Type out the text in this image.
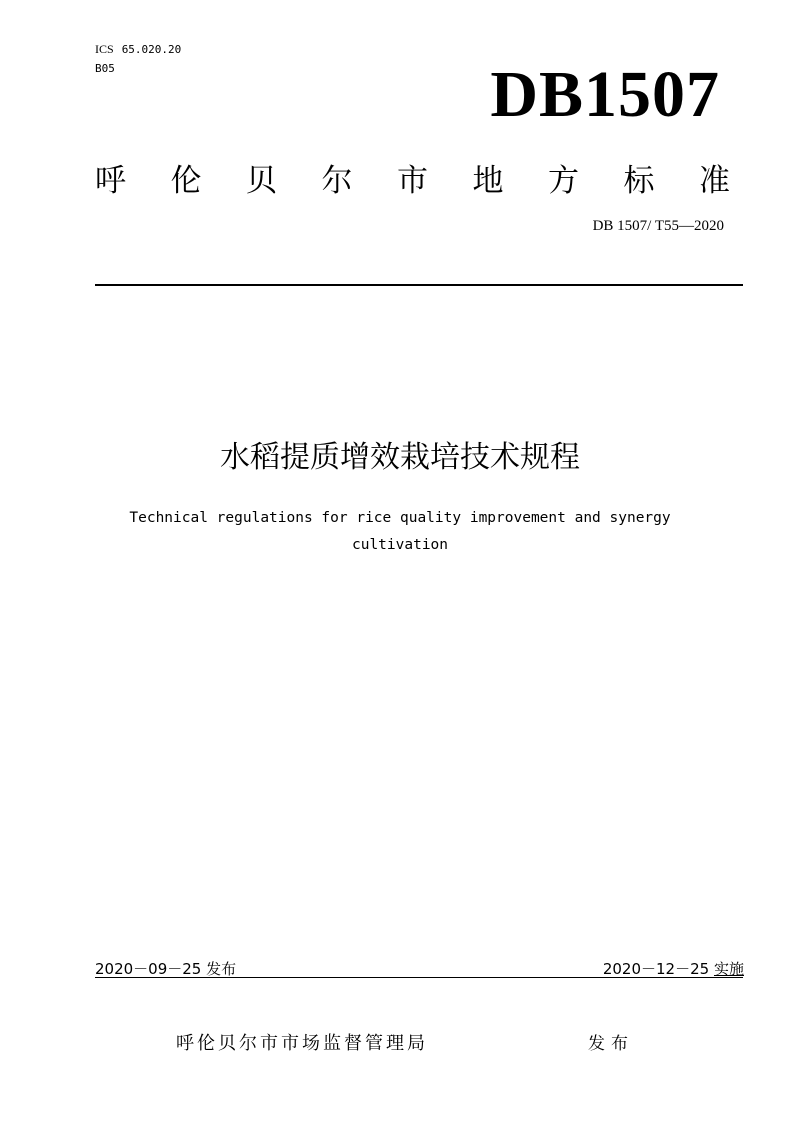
ICS 65.020.20
B05	DB1507
呼 伦 贝 尔 市 地 方 标 准
DB 1507/ T55—2020
水稻提质增效栽培技术规程
Technical regulations for rice quality improvement and synergy
cultivation
2020－09－25 发布	2020－12－25 实施
呼伦贝尔市市场监督管理局	发布
